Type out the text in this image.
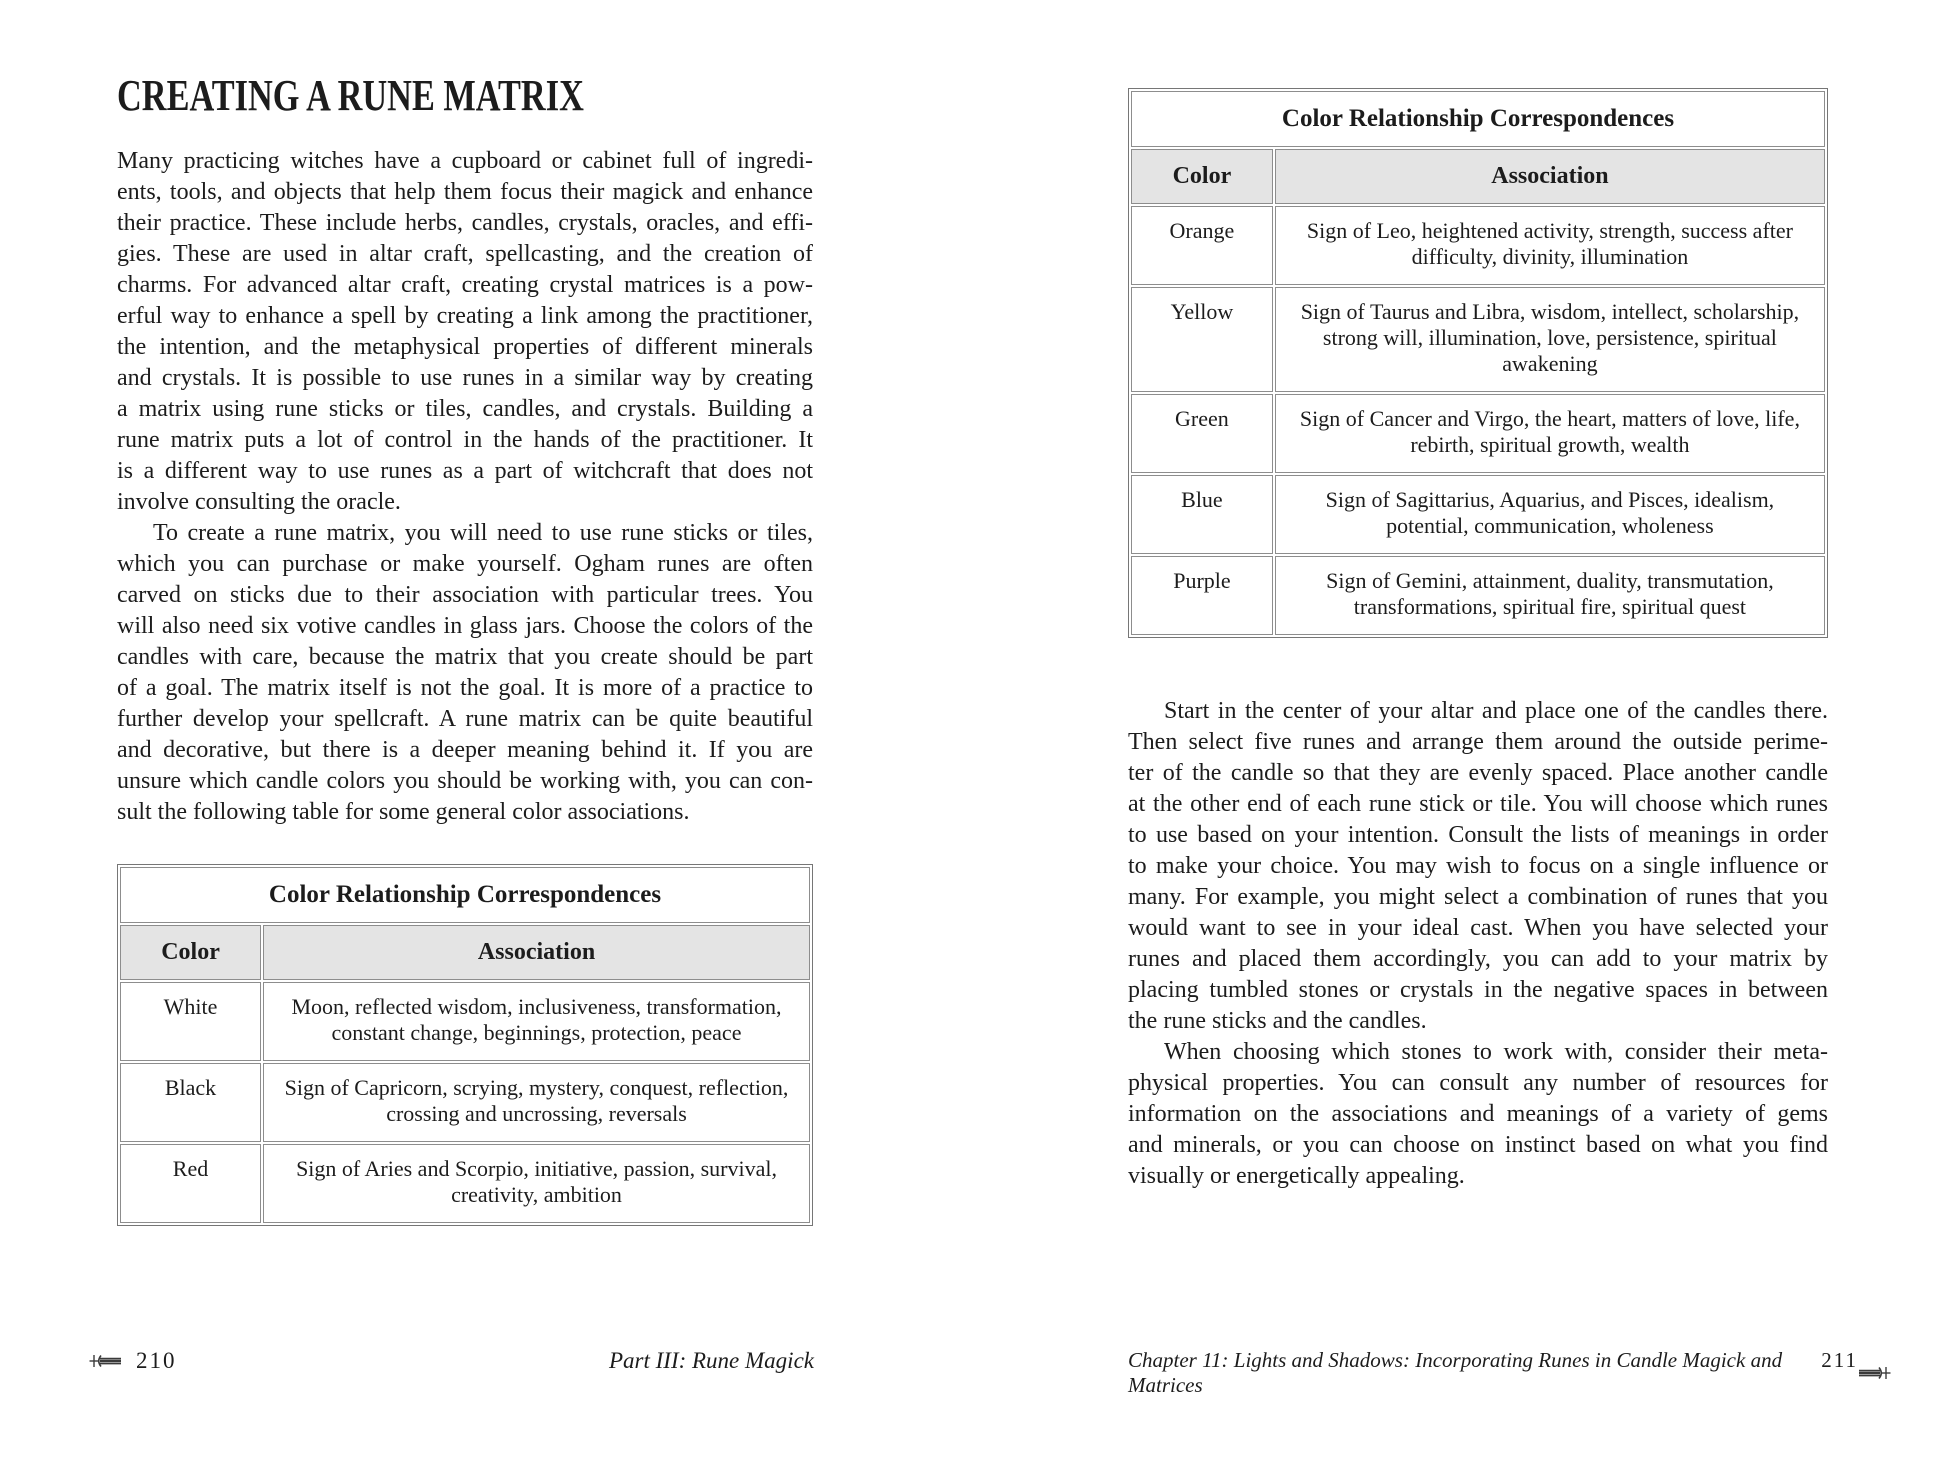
CREATING A RUNE MATRIX
Many practicing witches have a cupboard or cabinet full of ingredi-
ents, tools, and objects that help them focus their magick and enhance
their practice. These include herbs, candles, crystals, oracles, and effi-
gies. These are used in altar craft, spellcasting, and the creation of
charms. For advanced altar craft, creating crystal matrices is a pow-
erful way to enhance a spell by creating a link among the practitioner,
the intention, and the metaphysical properties of different minerals
and crystals. It is possible to use runes in a similar way by creating
a matrix using rune sticks or tiles, candles, and crystals. Building a
rune matrix puts a lot of control in the hands of the practitioner. It
is a different way to use runes as a part of witchcraft that does not
involve consulting the oracle.
To create a rune matrix, you will need to use rune sticks or tiles,
which you can purchase or make yourself. Ogham runes are often
carved on sticks due to their association with particular trees. You
will also need six votive candles in glass jars. Choose the colors of the
candles with care, because the matrix that you create should be part
of a goal. The matrix itself is not the goal. It is more of a practice to
further develop your spellcraft. A rune matrix can be quite beautiful
and decorative, but there is a deeper meaning behind it. If you are
unsure which candle colors you should be working with, you can con-
sult the following table for some general color associations.
Color Relationship Correspondences	
Color	Association
White	Moon, reflected wisdom, inclusiveness, transformation, constant change, beginnings, protection, peace
Black	Sign of Capricorn, scrying, mystery, conquest, reflection, crossing and uncrossing, reversals
Red	Sign of Aries and Scorpio, initiative, passion, survival, creativity, ambition
Color Relationship Correspondences	
Color	Association
Orange	Sign of Leo, heightened activity, strength, success after difficulty, divinity, illumination
Yellow	Sign of Taurus and Libra, wisdom, intellect, scholarship, strong will, illumination, love, persistence, spiritual awakening
Green	Sign of Cancer and Virgo, the heart, matters of love, life, rebirth, spiritual growth, wealth
Blue	Sign of Sagittarius, Aquarius, and Pisces, idealism, potential, communication, wholeness
Purple	Sign of Gemini, attainment, duality, transmutation, transformations, spiritual fire, spiritual quest
Start in the center of your altar and place one of the candles there.
Then select five runes and arrange them around the outside perime-
ter of the candle so that they are evenly spaced. Place another candle
at the other end of each rune stick or tile. You will choose which runes
to use based on your intention. Consult the lists of meanings in order
to make your choice. You may wish to focus on a single influence or
many. For example, you might select a combination of runes that you
would want to see in your ideal cast. When you have selected your
runes and placed them accordingly, you can add to your matrix by
placing tumbled stones or crystals in the negative spaces in between
the rune sticks and the candles.
When choosing which stones to work with, consider their meta-
physical properties. You can consult any number of resources for
information on the associations and meanings of a variety of gems
and minerals, or you can choose on instinct based on what you find
visually or energetically appealing.
210	Part III: Rune Magick	Chapter 11: Lights and Shadows: Incorporating Runes in Candle Magick and Matrices
211
